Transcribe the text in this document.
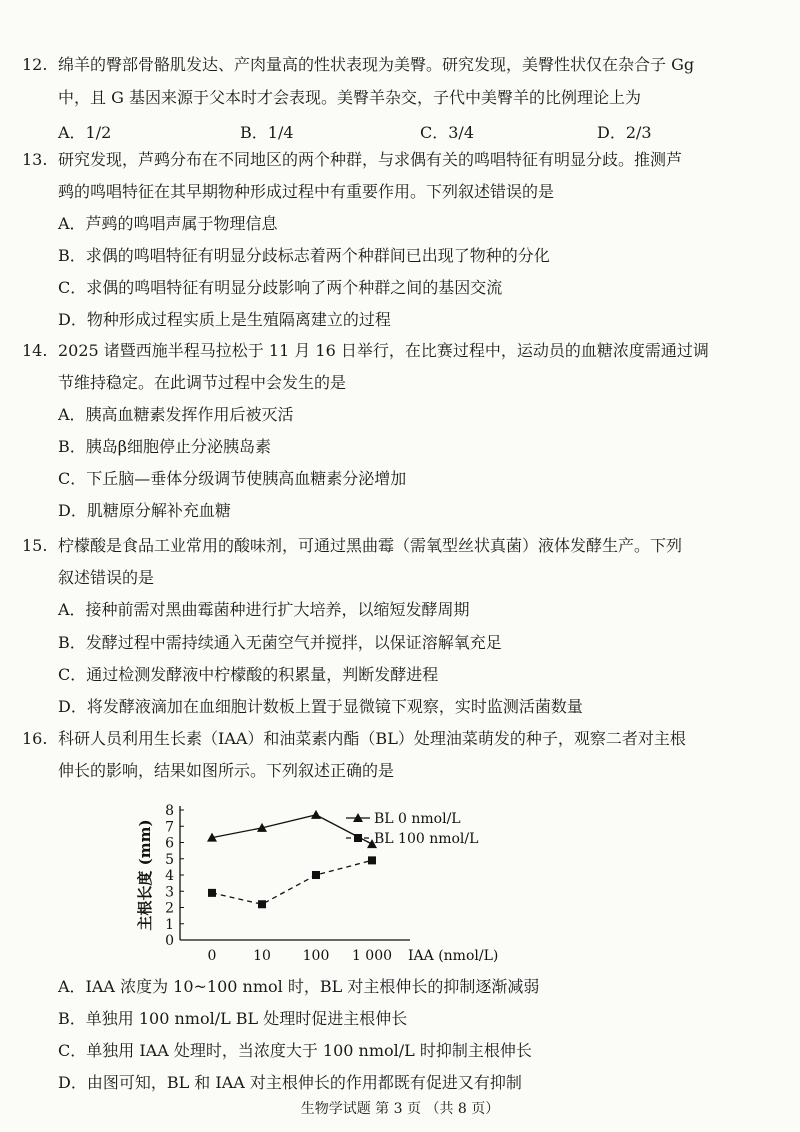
12. 绵羊的臀部骨骼肌发达、产肉量高的性状表现为美臀。研究发现，美臀性状仅在杂合子 Gg
中，且 G 基因来源于父本时才会表现。美臀羊杂交，子代中美臀羊的比例理论上为
A．1/2	B．1/4	C．3/4	D．2/3
13. 研究发现，芦鹀分布在不同地区的两个种群，与求偶有关的鸣唱特征有明显分歧。推测芦
鹀的鸣唱特征在其早期物种形成过程中有重要作用。下列叙述错误的是
A．芦鹀的鸣唱声属于物理信息
B．求偶的鸣唱特征有明显分歧标志着两个种群间已出现了物种的分化
C．求偶的鸣唱特征有明显分歧影响了两个种群之间的基因交流
D．物种形成过程实质上是生殖隔离建立的过程
14. 2025 诸暨西施半程马拉松于 11 月 16 日举行，在比赛过程中，运动员的血糖浓度需通过调
节维持稳定。在此调节过程中会发生的是
A．胰高血糖素发挥作用后被灭活
B．胰岛β细胞停止分泌胰岛素
C．下丘脑—垂体分级调节使胰高血糖素分泌增加
D．肌糖原分解补充血糖
15. 柠檬酸是食品工业常用的酸味剂，可通过黑曲霉（需氧型丝状真菌）液体发酵生产。下列
叙述错误的是
A．接种前需对黑曲霉菌种进行扩大培养，以缩短发酵周期
B．发酵过程中需持续通入无菌空气并搅拌，以保证溶解氧充足
C．通过检测发酵液中柠檬酸的积累量，判断发酵进程
D．将发酵液滴加在血细胞计数板上置于显微镜下观察，实时监测活菌数量
16. 科研人员利用生长素（IAA）和油菜素内酯（BL）处理油菜萌发的种子，观察二者对主根
伸长的影响，结果如图所示。下列叙述正确的是
0
1
2
3
4
5
6
7
8
0	10 100 1 000 IAA (nmol/L)
主根长度 (mm)
BL 0 nmol/L
BL 100 nmol/L
A．IAA 浓度为 10~100 nmol 时，BL 对主根伸长的抑制逐渐减弱
B．单独用 100 nmol/L BL 处理时促进主根伸长
C．单独用 IAA 处理时，当浓度大于 100 nmol/L 时抑制主根伸长
D．由图可知，BL 和 IAA 对主根伸长的作用都既有促进又有抑制
生物学试题 第 3 页 （共 8 页）
